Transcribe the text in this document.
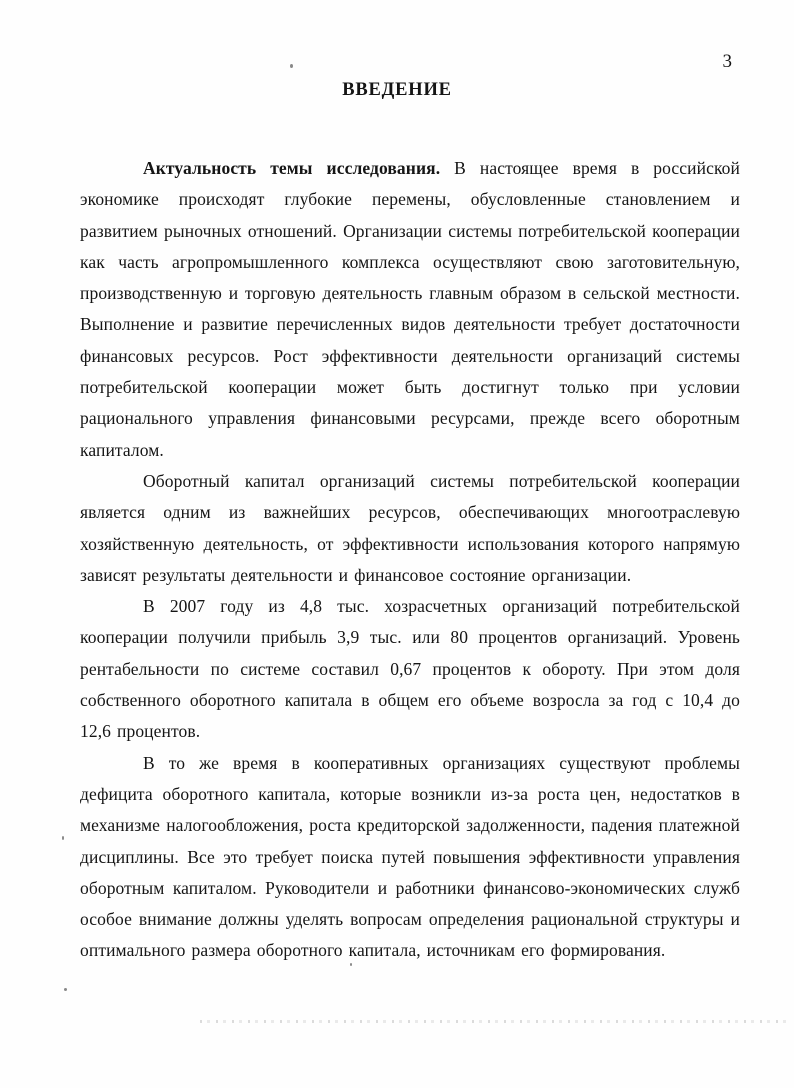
3
ВВЕДЕНИЕ

Актуальность темы исследования. В настоящее время в российской экономике происходят глубокие перемены, обусловленные становлением и развитием рыночных отношений. Организации системы потребительской кооперации как часть агропромышленного комплекса осуществляют свою заготовительную, производственную и торговую деятельность главным образом в сельской местности. Выполнение и развитие перечисленных видов деятельности требует достаточности финансовых ресурсов. Рост эффективности деятельности организаций системы потребительской кооперации может быть достигнут только при условии рационального управления финансовыми ресурсами, прежде всего оборотным капиталом.

Оборотный капитал организаций системы потребительской кооперации является одним из важнейших ресурсов, обеспечивающих многоотраслевую хозяйственную деятельность, от эффективности использования которого напрямую зависят результаты деятельности и финансовое состояние организации.

В 2007 году из 4,8 тыс. хозрасчетных организаций потребительской кооперации получили прибыль 3,9 тыс. или 80 процентов организаций. Уровень рентабельности по системе составил 0,67 процентов к обороту. При этом доля собственного оборотного капитала в общем его объеме возросла за год с 10,4 до 12,6 процентов.

В то же время в кооперативных организациях существуют проблемы дефицита оборотного капитала, которые возникли из-за роста цен, недостатков в механизме налогообложения, роста кредиторской задолженности, падения платежной дисциплины. Все это требует поиска путей повышения эффективности управления оборотным капиталом. Руководители и работники финансово-экономических служб особое внимание должны уделять вопросам определения рациональной структуры и оптимального размера оборотного капитала, источникам его формирования.
